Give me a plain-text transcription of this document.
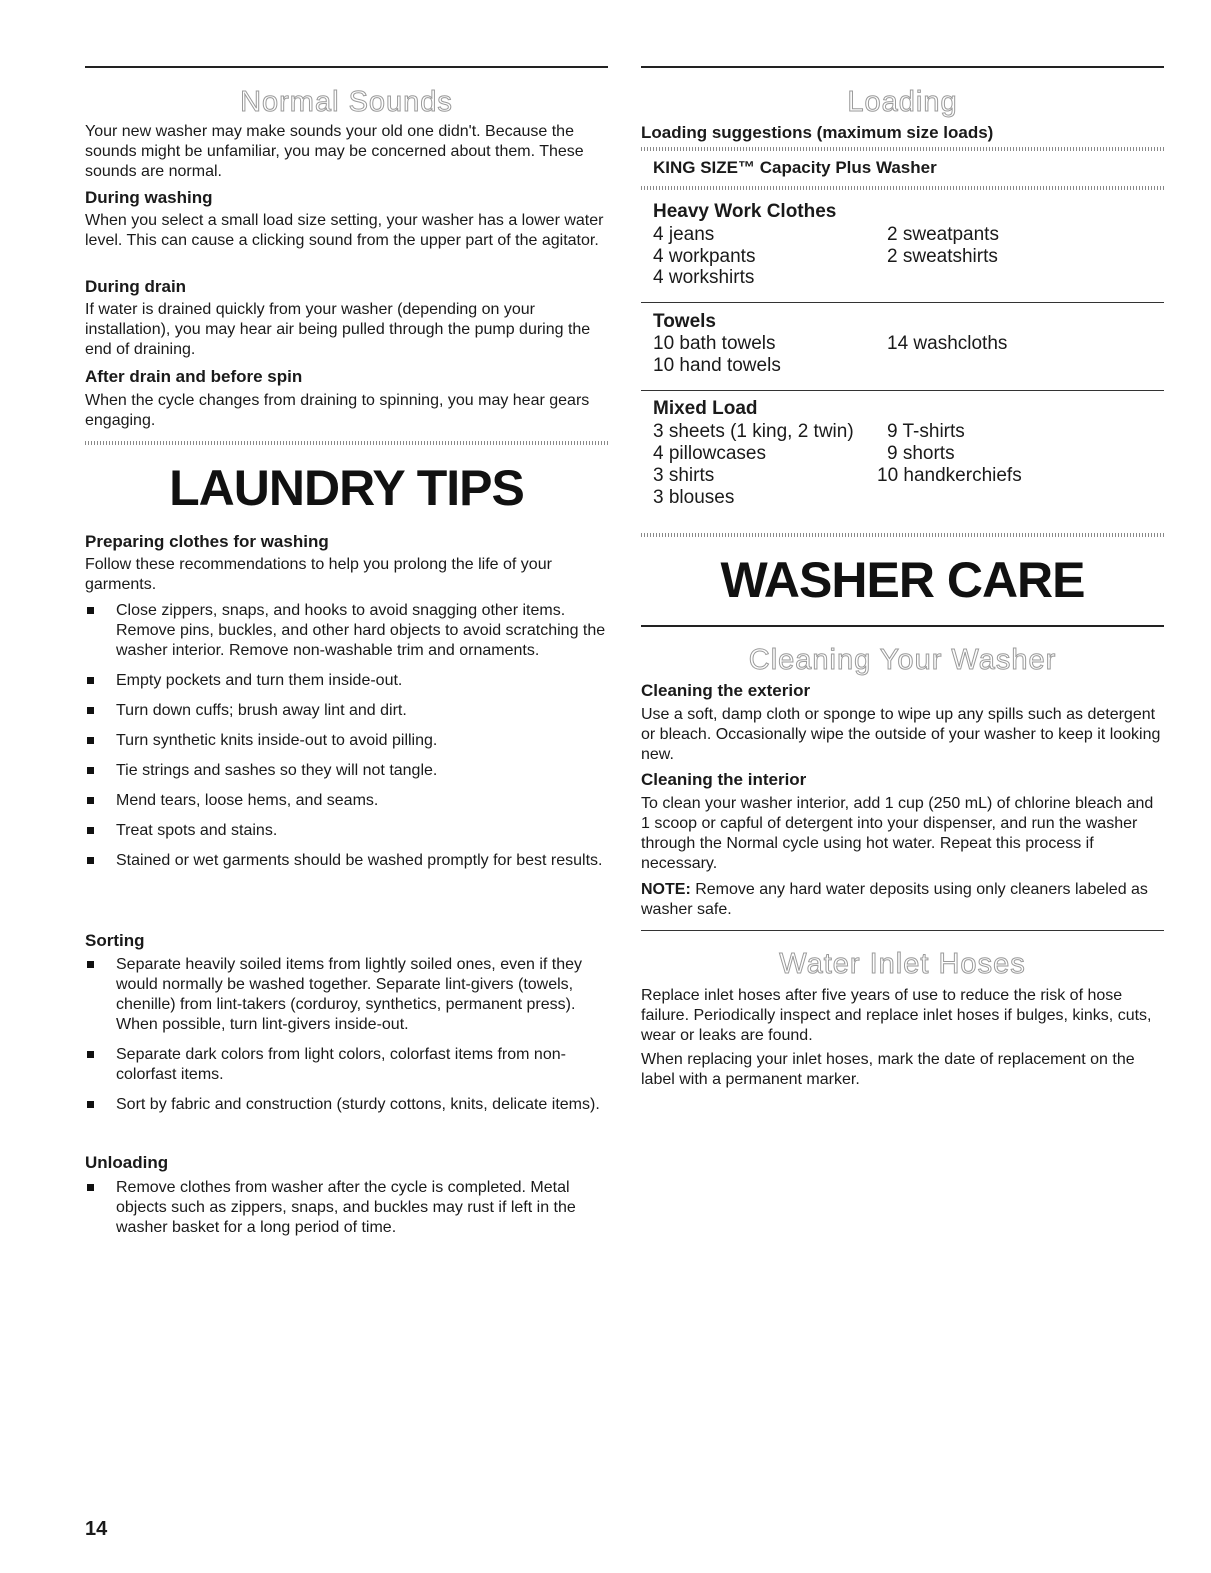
Normal Sounds
Your new washer may make sounds your old one didn't. Because the sounds might be unfamiliar, you may be concerned about them. These sounds are normal.
During washing
When you select a small load size setting, your washer has a lower water level. This can cause a clicking sound from the upper part of the agitator.
During drain
If water is drained quickly from your washer (depending on your installation), you may hear air being pulled through the pump during the end of draining.
After drain and before spin
When the cycle changes from draining to spinning, you may hear gears engaging.
LAUNDRY TIPS
Preparing clothes for washing
Follow these recommendations to help you prolong the life of your garments.
Close zippers, snaps, and hooks to avoid snagging other items. Remove pins, buckles, and other hard objects to avoid scratching the washer interior. Remove non-washable trim and ornaments.
Empty pockets and turn them inside-out.
Turn down cuffs; brush away lint and dirt.
Turn synthetic knits inside-out to avoid pilling.
Tie strings and sashes so they will not tangle.
Mend tears, loose hems, and seams.
Treat spots and stains.
Stained or wet garments should be washed promptly for best results.
Sorting
Separate heavily soiled items from lightly soiled ones, even if they would normally be washed together. Separate lint-givers (towels, chenille) from lint-takers (corduroy, synthetics, permanent press). When possible, turn lint-givers inside-out.
Separate dark colors from light colors, colorfast items from non-colorfast items.
Sort by fabric and construction (sturdy cottons, knits, delicate items).
Unloading
Remove clothes from washer after the cycle is completed. Metal objects such as zippers, snaps, and buckles may rust if left in the washer basket for a long period of time.
Loading
Loading suggestions (maximum size loads)
KING SIZE™ Capacity Plus Washer
Heavy Work Clothes
4 jeans
4 workpants
4 workshirts
2 sweatpants
2 sweatshirts
Towels
10 bath towels
10 hand towels
14 washcloths
Mixed Load
3 sheets (1 king, 2 twin)
4 pillowcases
3 shirts
3 blouses
9 T-shirts
9 shorts
10 handkerchiefs
WASHER CARE
Cleaning Your Washer
Cleaning the exterior
Use a soft, damp cloth or sponge to wipe up any spills such as detergent or bleach. Occasionally wipe the outside of your washer to keep it looking new.
Cleaning the interior
To clean your washer interior, add 1 cup (250 mL) of chlorine bleach and 1 scoop or capful of detergent into your dispenser, and run the washer through the Normal cycle using hot water. Repeat this process if necessary.
NOTE: Remove any hard water deposits using only cleaners labeled as washer safe.
Water Inlet Hoses
Replace inlet hoses after five years of use to reduce the risk of hose failure. Periodically inspect and replace inlet hoses if bulges, kinks, cuts, wear or leaks are found.
When replacing your inlet hoses, mark the date of replacement on the label with a permanent marker.
14
